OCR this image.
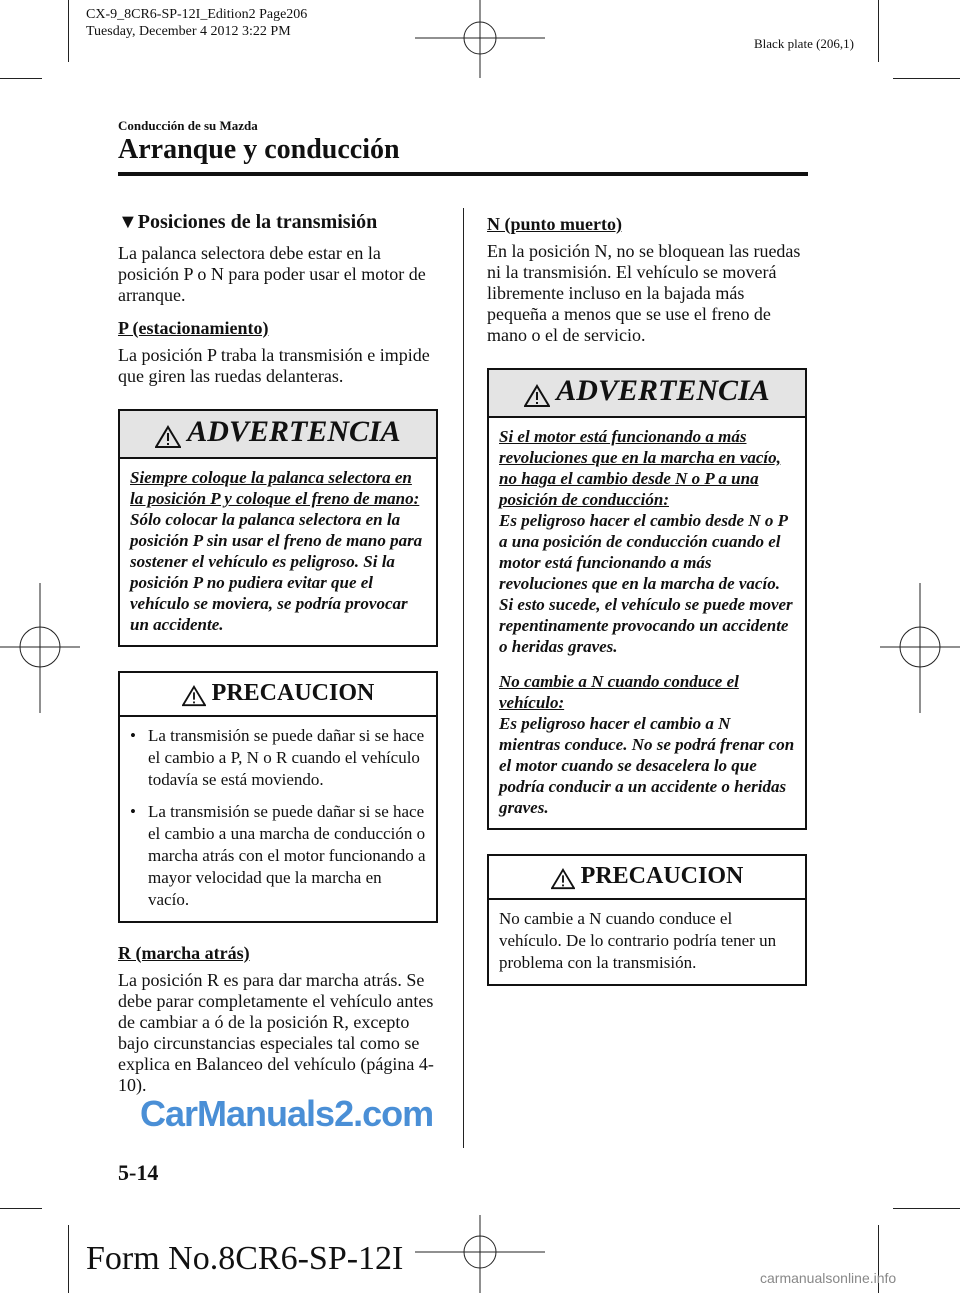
CX-9_8CR6-SP-12I_Edition2 Page206
Tuesday, December 4 2012 3:22 PM
Black plate (206,1)
Conducción de su Mazda
Arranque y conducción
▼Posiciones de la transmisión

La palanca selectora debe estar en la posición P o N para poder usar el motor de arranque.

P (estacionamiento)

La posición P traba la transmisión e impide que giren las ruedas delanteras.

ADVERTENCIA
Siempre coloque la palanca selectora en la posición P y coloque el freno de mano:
Sólo colocar la palanca selectora en la posición P sin usar el freno de mano para sostener el vehículo es peligroso. Si la posición P no pudiera evitar que el vehículo se moviera, se podría provocar un accidente.
PRECAUCION
• La transmisión se puede dañar si se hace el cambio a P, N o R cuando el vehículo todavía se está moviendo.
• La transmisión se puede dañar si se hace el cambio a una marcha de conducción o marcha atrás con el motor funcionando a mayor velocidad que la marcha en vacío.
R (marcha atrás)

La posición R es para dar marcha atrás. Se debe parar completamente el vehículo antes de cambiar a ó de la posición R, excepto bajo circunstancias especiales tal como se explica en Balanceo del vehículo (página 4-10).

N (punto muerto)

En la posición N, no se bloquean las ruedas ni la transmisión. El vehículo se moverá libremente incluso en la bajada más pequeña a menos que se use el freno de mano o el de servicio.

ADVERTENCIA
Si el motor está funcionando a más revoluciones que en la marcha en vacío, no haga el cambio desde N o P a una posición de conducción:
Es peligroso hacer el cambio desde N o P a una posición de conducción cuando el motor está funcionando a más revoluciones que en la marcha de vacío. Si esto sucede, el vehículo se puede mover repentinamente provocando un accidente o heridas graves.
No cambie a N cuando conduce el vehículo:
Es peligroso hacer el cambio a N mientras conduce. No se podrá frenar con el motor cuando se desacelera lo que podría conducir a un accidente o heridas graves.
PRECAUCION
No cambie a N cuando conduce el vehículo. De lo contrario podría tener un problema con la transmisión.
CarManuals2.com
5-14
Form No.8CR6-SP-12I
carmanualsonline.info
